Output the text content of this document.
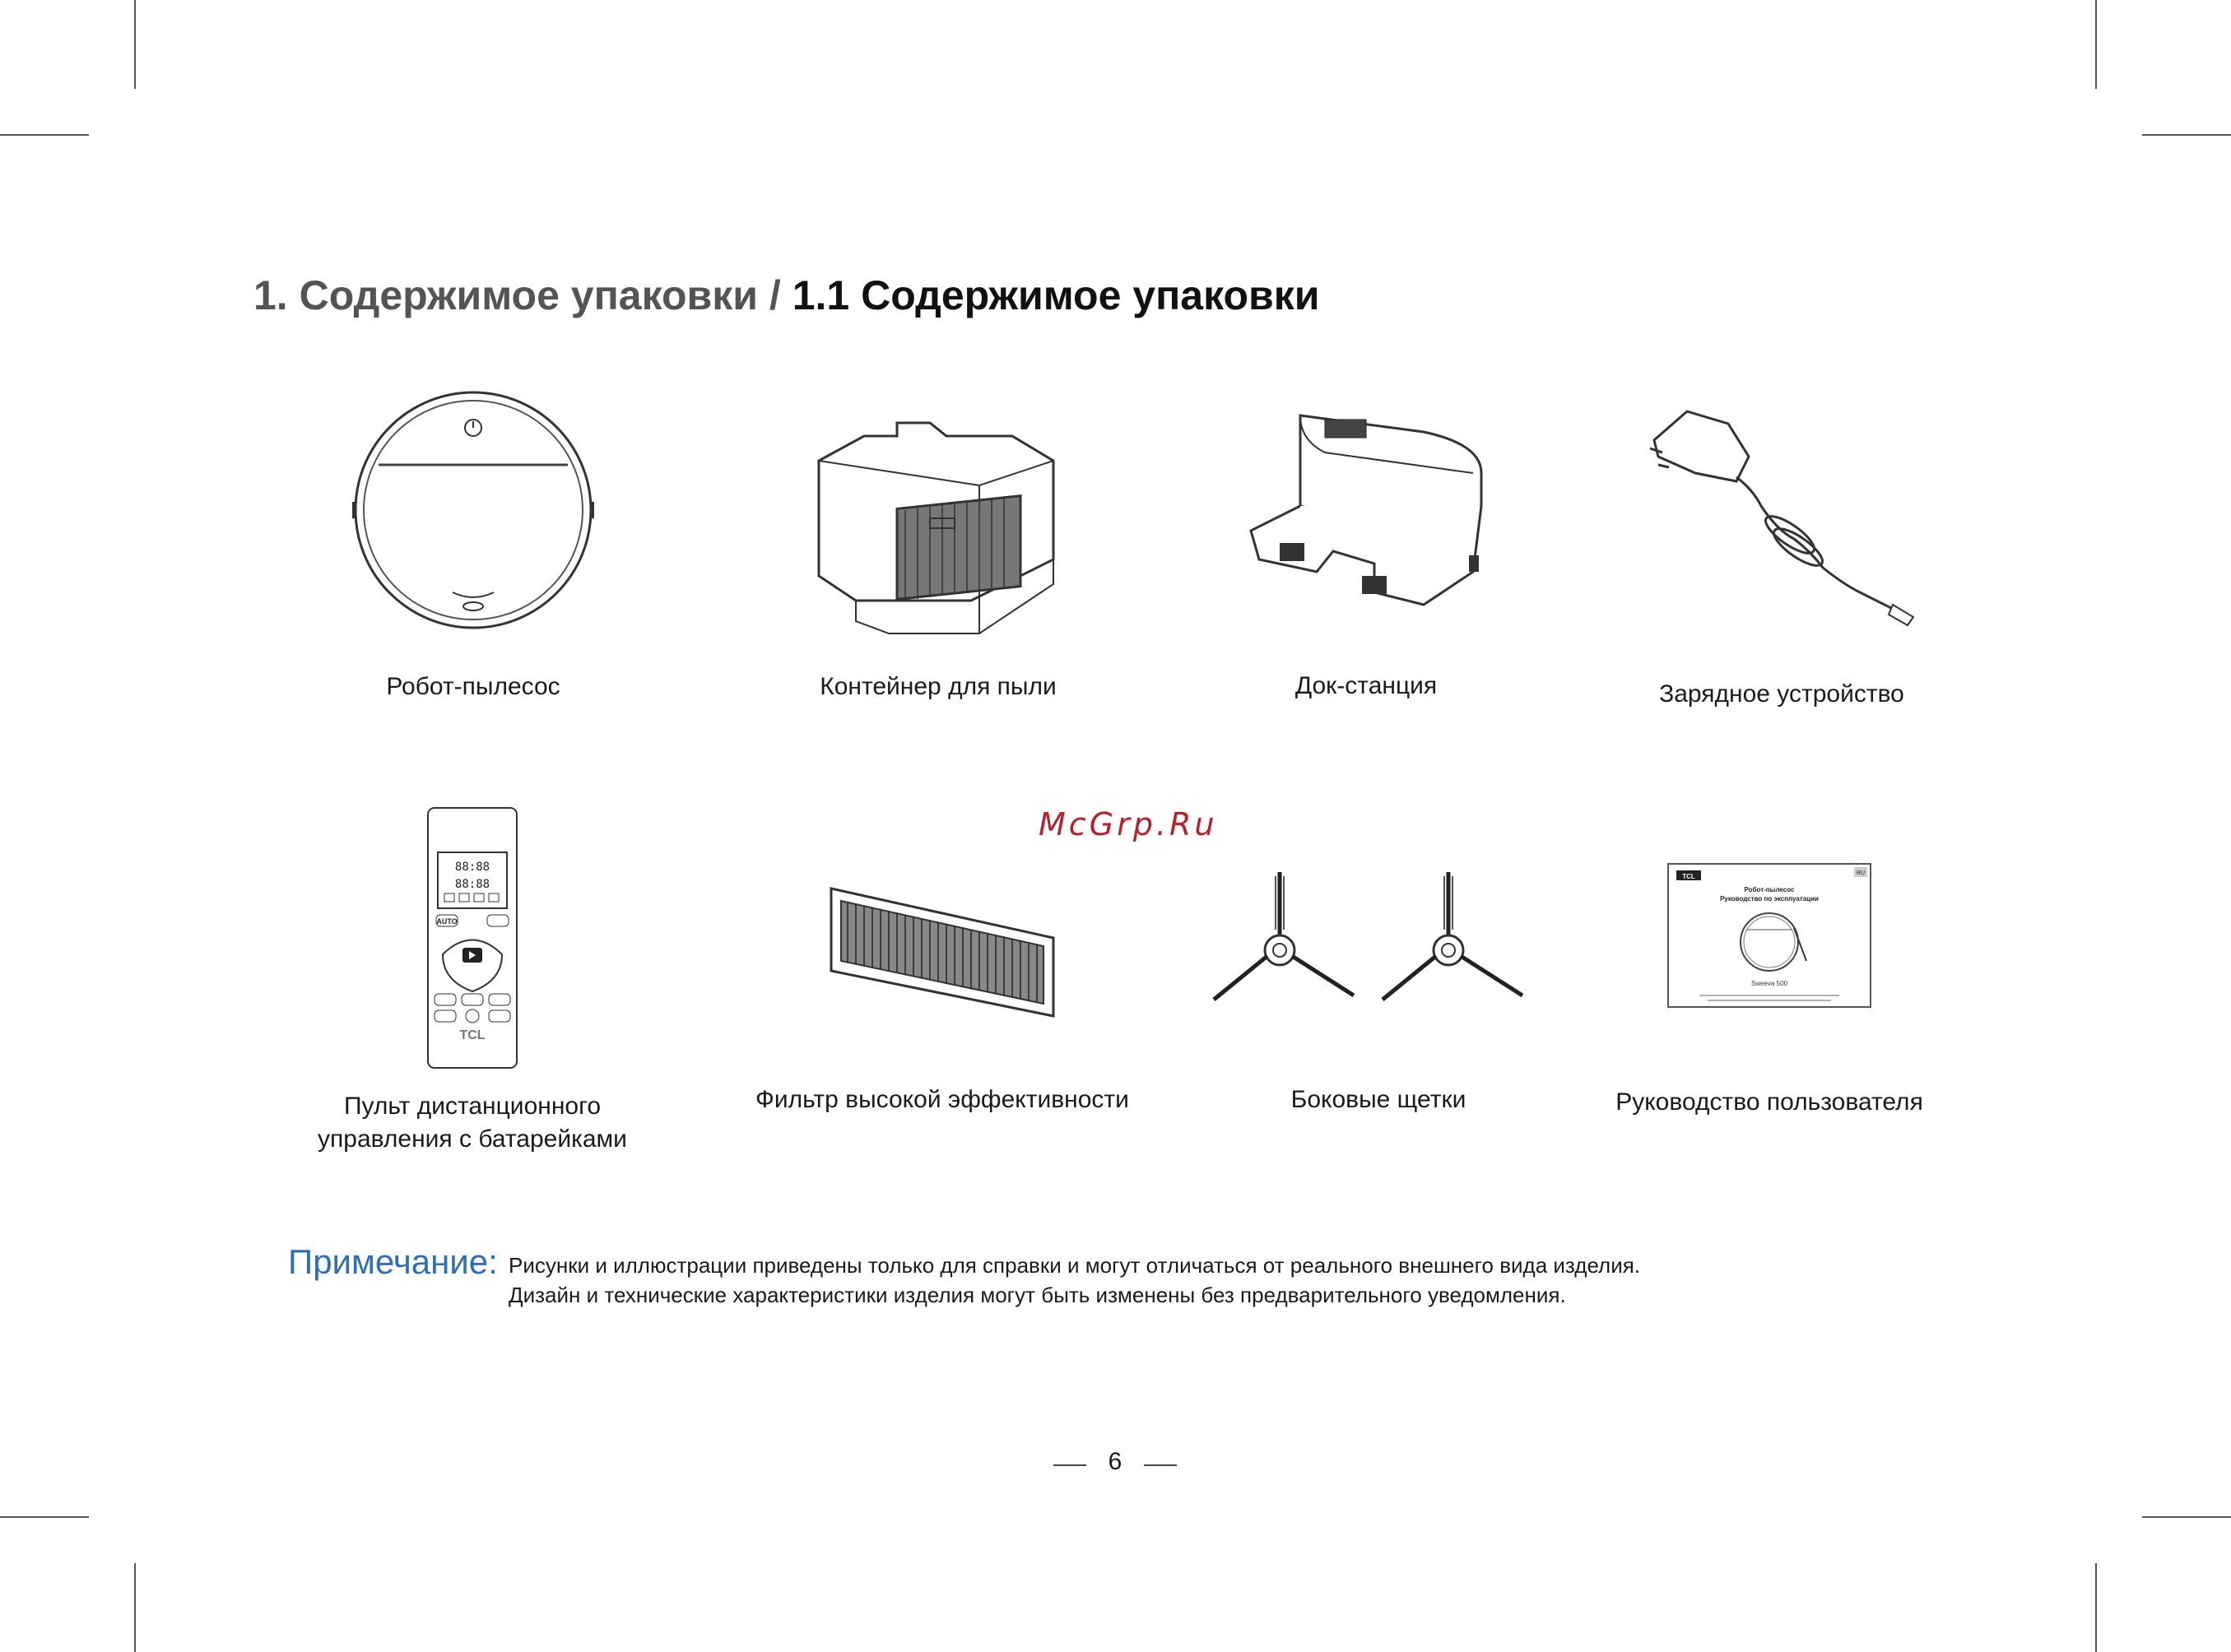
1. Содержимое упаковки / 1.1 Содержимое упаковки
Робот-пылесос	Контейнер для пыли	Док-станция	Зарядное устройство
88:88
88:88
AUTO
TCL
Пульт дистанционного
управления с батарейками
Фильтр высокой эффективности	Боковые щетки
TCL	RU
Робот-пылесос
Руководство по эксплуатации
Sweeva 500
Руководство пользователя
McGrp.Ru
Примечание: Рисунки и иллюстрации приведены только для справки и могут отличаться от реального внешнего вида изделия.
Дизайн и технические характеристики изделия могут быть изменены без предварительного уведомления.
6
